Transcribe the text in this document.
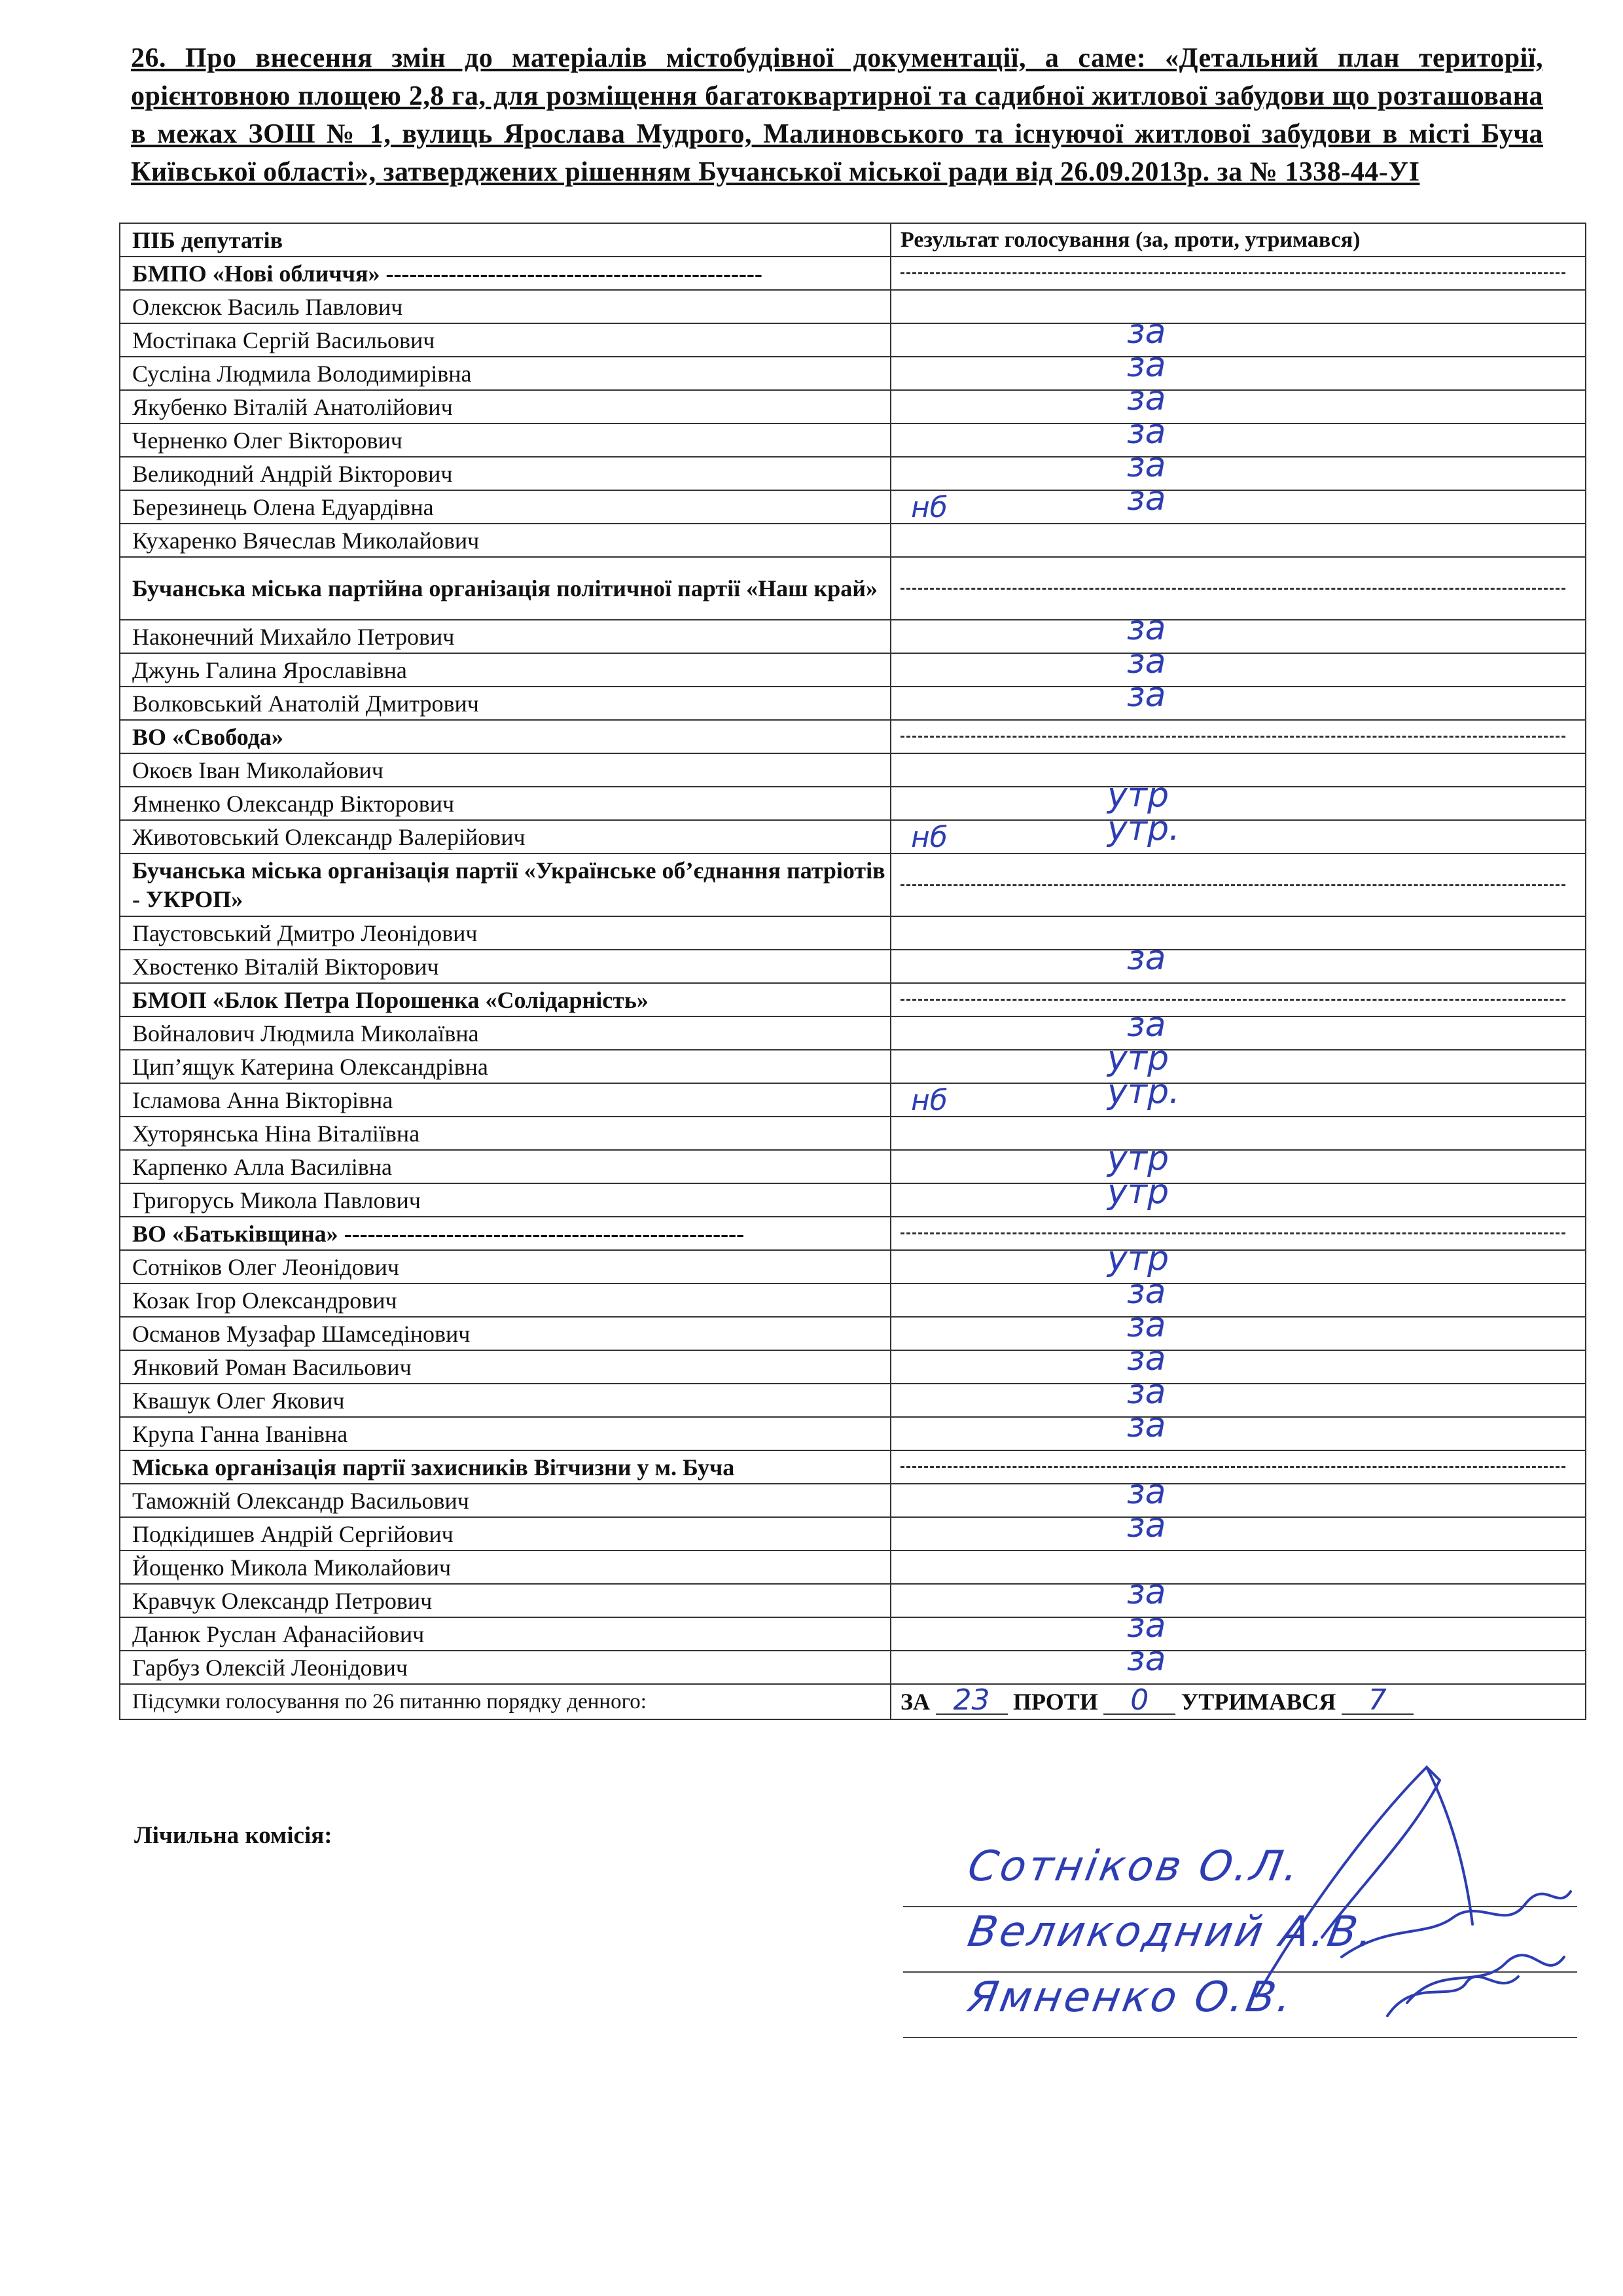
26. Про внесення змін до матеріалів містобудівної документації, а саме: «Детальний план території, орієнтовною площею 2,8 га, для розміщення багатоквартирної та садибної житлової забудови що розташована в межах ЗОШ № 1, вулиць Ярослава Мудрого, Малиновського та існуючої житлової забудови в місті Буча Київської області», затверджених рішенням Бучанської міської ради від 26.09.2013р. за № 1338-44-УІ
ПІБ депутатів	Результат голосування (за, проти, утримався)
БМПО «Нові обличчя» ------------------------------------------------	

Олексюк Василь Павлович	
Мостіпака Сергій Васильович	за

Сусліна Людмила Володимирівна	за

Якубенко Віталій Анатолійович	за

Черненко Олег Вікторович	за

Великодний Андрій Вікторович	за

Березинець Олена Едуардівна	нб за

Кухаренко Вячеслав Миколайович	
Бучанська міська партійна організація політичної партії «Наш край»	

Наконечний Михайло Петрович	за

Джунь Галина Ярославівна	за

Волковський Анатолій Дмитрович	за

ВО «Свобода»	

Окоєв Іван Миколайович	
Ямненко Олександр Вікторович	утр

Животовський Олександр Валерійович	нб утр.

Бучанська міська організація партії «Українське об’єднання патріотів - УКРОП»	

Паустовський Дмитро Леонідович	
Хвостенко Віталій Вікторович	за

БМОП «Блок Петра Порошенка «Солідарність»	

Войналович Людмила Миколаївна	за

Цип’ящук Катерина Олександрівна	утр

Ісламова Анна Вікторівна	нб утр.

Хуторянська Ніна Віталіївна	
Карпенко Алла Василівна	утр

Григорусь Микола Павлович	утр

ВО «Батьківщина» ---------------------------------------------------	

Сотніков Олег Леонідович	утр

Козак Ігор Олександрович	за

Османов Музафар Шамседінович	за

Янковий Роман Васильович	за

Квашук Олег Якович	за

Крупа Ганна Іванівна	за

Міська організація партії захисників Вітчизни у м. Буча	

Таможній Олександр Васильович	за

Подкідишев Андрій Сергійович	за

Йощенко Микола Миколайович	
Кравчук Олександр Петрович	за

Данюк Руслан Афанасійович	за

Гарбуз Олексій Леонідович	за

Підсумки голосування по 26 питанню порядку денного:	ЗА 23 ПРОТИ 0 УТРИМАВСЯ 7
Лічильна комісія:
Сотніков О.Л.
Великодний А.В.
Ямненко О.В.
